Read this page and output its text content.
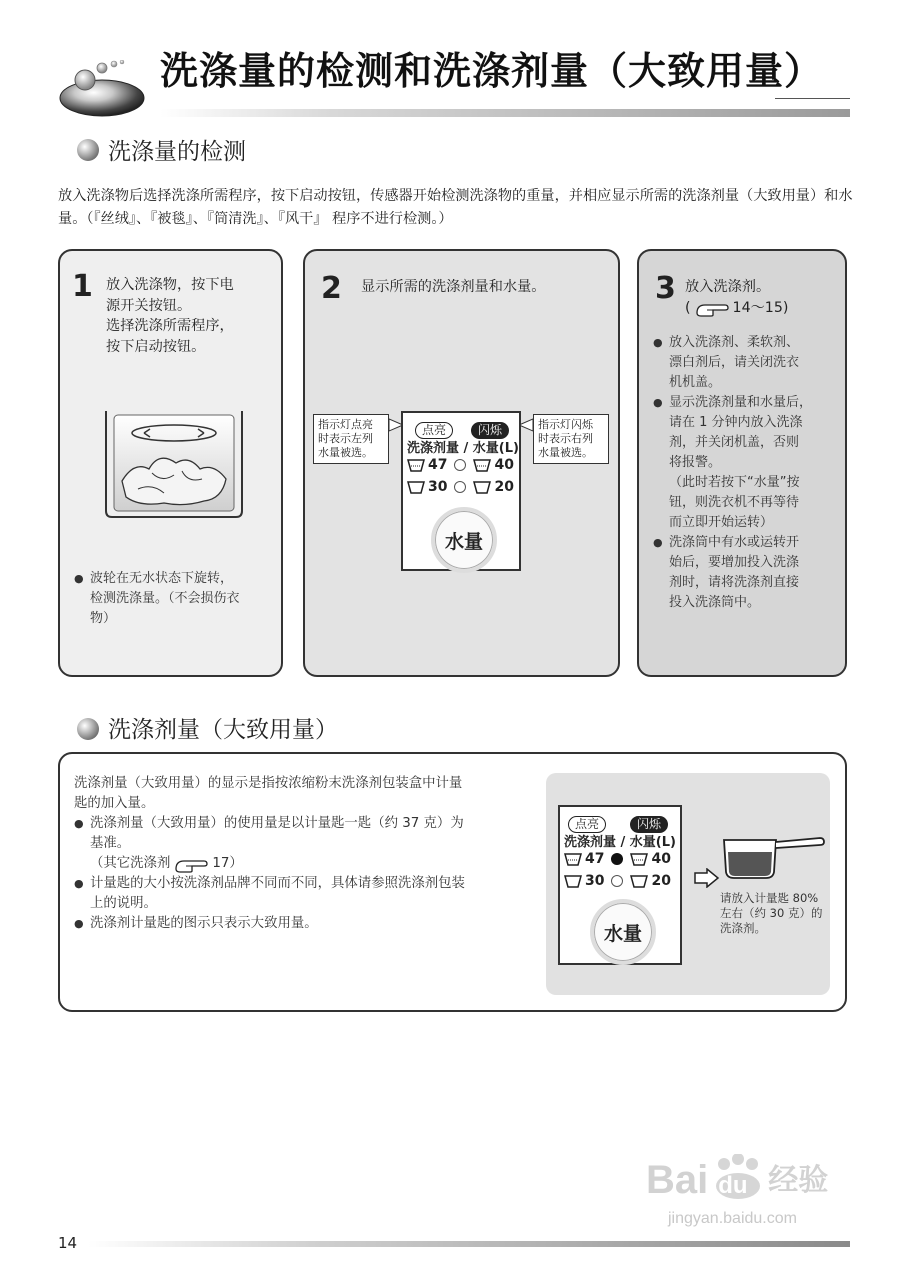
洗涤量的检测和洗涤剂量（大致用量）
洗涤量的检测
放入洗涤物后选择洗涤所需程序，按下启动按钮，传感器开始检测洗涤物的重量，并相应显示所需的洗涤剂量（大致用量）和水量。（『丝绒』、『被毯』、『筒清洗』、『风干』 程序不进行检测。）
1 放入洗涤物，按下电
源开关按钮。
选择洗涤所需程序，
按下启动按钮。
● 波轮在无水状态下旋转，
检测洗涤量。（不会损伤衣
物）
2 显示所需的洗涤剂量和水量。
指示灯点亮
时表示左列
水量被选。
指示灯闪烁
时表示右列
水量被选。
点亮	闪烁
洗涤剂量 / 水量(L)
47	40
30	20
水量
3 放入洗涤剂。
(	14～15)
● 放入洗涤剂、柔软剂、
漂白剂后，请关闭洗衣
机机盖。
● 显示洗涤剂量和水量后，
请在 1 分钟内放入洗涤
剂，并关闭机盖，否则
将报警。
（此时若按下“水量”按
钮，则洗衣机不再等待
而立即开始运转）
● 洗涤筒中有水或运转开
始后，要增加投入洗涤
剂时，请将洗涤剂直接
投入洗涤筒中。
洗涤剂量（大致用量）
洗涤剂量（大致用量）的显示是指按浓缩粉末洗涤剂包装盒中计量
匙的加入量。
● 洗涤剂量（大致用量）的使用量是以计量匙一匙（约 37 克）为
基准。
（其它洗涤剂	17）
● 计量匙的大小按洗涤剂品牌不同而不同，具体请参照洗涤剂包装
上的说明。
● 洗涤剂计量匙的图示只表示大致用量。
点亮	闪烁
洗涤剂量 / 水量(L)
47	40
30	20
水量
请放入计量匙 80%
左右（约 30 克）的
洗涤剂。
14
Bai du 经验
jingyan.baidu.com
